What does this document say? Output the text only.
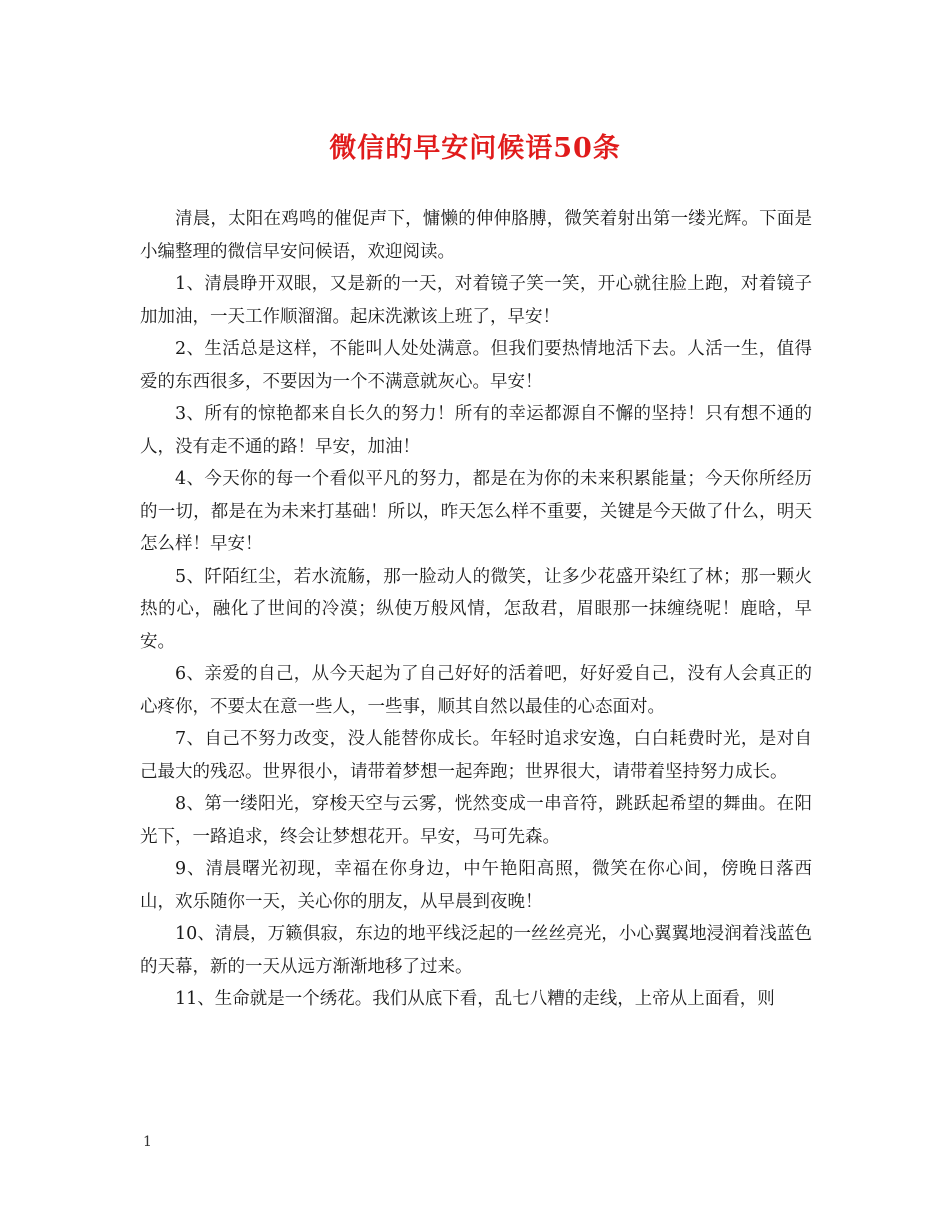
微信的早安问候语50条

清晨，太阳在鸡鸣的催促声下，慵懒的伸伸胳膊，微笑着射出第一缕光辉。下面是小编整理的微信早安问候语，欢迎阅读。

1、清晨睁开双眼，又是新的一天，对着镜子笑一笑，开心就往脸上跑，对着镜子加加油，一天工作顺溜溜。起床洗漱该上班了，早安！

2、生活总是这样，不能叫人处处满意。但我们要热情地活下去。人活一生，值得爱的东西很多，不要因为一个不满意就灰心。早安！

3、所有的惊艳都来自长久的努力！所有的幸运都源自不懈的坚持！只有想不通的人，没有走不通的路！早安，加油！

4、今天你的每一个看似平凡的努力，都是在为你的未来积累能量；今天你所经历的一切，都是在为未来打基础！所以，昨天怎么样不重要，关键是今天做了什么，明天怎么样！早安！

5、阡陌红尘，若水流觞，那一脸动人的微笑，让多少花盛开染红了林；那一颗火热的心，融化了世间的冷漠；纵使万般风情，怎敌君，眉眼那一抹缠绕呢！鹿晗，早安。

6、亲爱的自己，从今天起为了自己好好的活着吧，好好爱自己，没有人会真正的心疼你，不要太在意一些人，一些事，顺其自然以最佳的心态面对。

7、自己不努力改变，没人能替你成长。年轻时追求安逸，白白耗费时光，是对自己最大的残忍。世界很小，请带着梦想一起奔跑；世界很大，请带着坚持努力成长。

8、第一缕阳光，穿梭天空与云雾，恍然变成一串音符，跳跃起希望的舞曲。在阳光下，一路追求，终会让梦想花开。早安，马可先森。

9、清晨曙光初现，幸福在你身边，中午艳阳高照，微笑在你心间，傍晚日落西山，欢乐随你一天，关心你的朋友，从早晨到夜晚！

10、清晨，万籁俱寂，东边的地平线泛起的一丝丝亮光，小心翼翼地浸润着浅蓝色的天幕，新的一天从远方渐渐地移了过来。

11、生命就是一个绣花。我们从底下看，乱七八糟的走线，上帝从上面看，则

1
